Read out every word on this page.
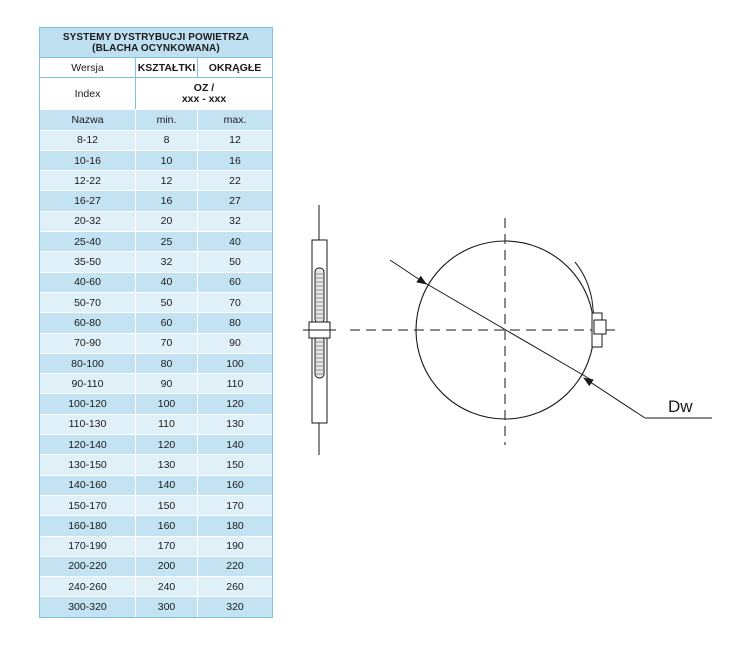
SYSTEMY DYSTRYBUCJI POWIETRZA
(BLACHA OCYNKOWANA)
Wersja	KSZTAŁTKI	OKRĄGŁE
Index	OZ /
xxx - xxx
Nazwa	min.	max.
8-12	8	12
10-16	10	16
12-22	12	22
16-27	16	27
20-32	20	32
25-40	25	40
35-50	32	50
40-60	40	60
50-70	50	70
60-80	60	80
70-90	70	90
80-100	80	100
90-110	90	110
100-120	100	120
110-130	110	130
120-140	120	140
130-150	130	150
140-160	140	160
150-170	150	170
160-180	160	180
170-190	170	190
200-220	200	220
240-260	240	260
300-320	300	320
Dw
